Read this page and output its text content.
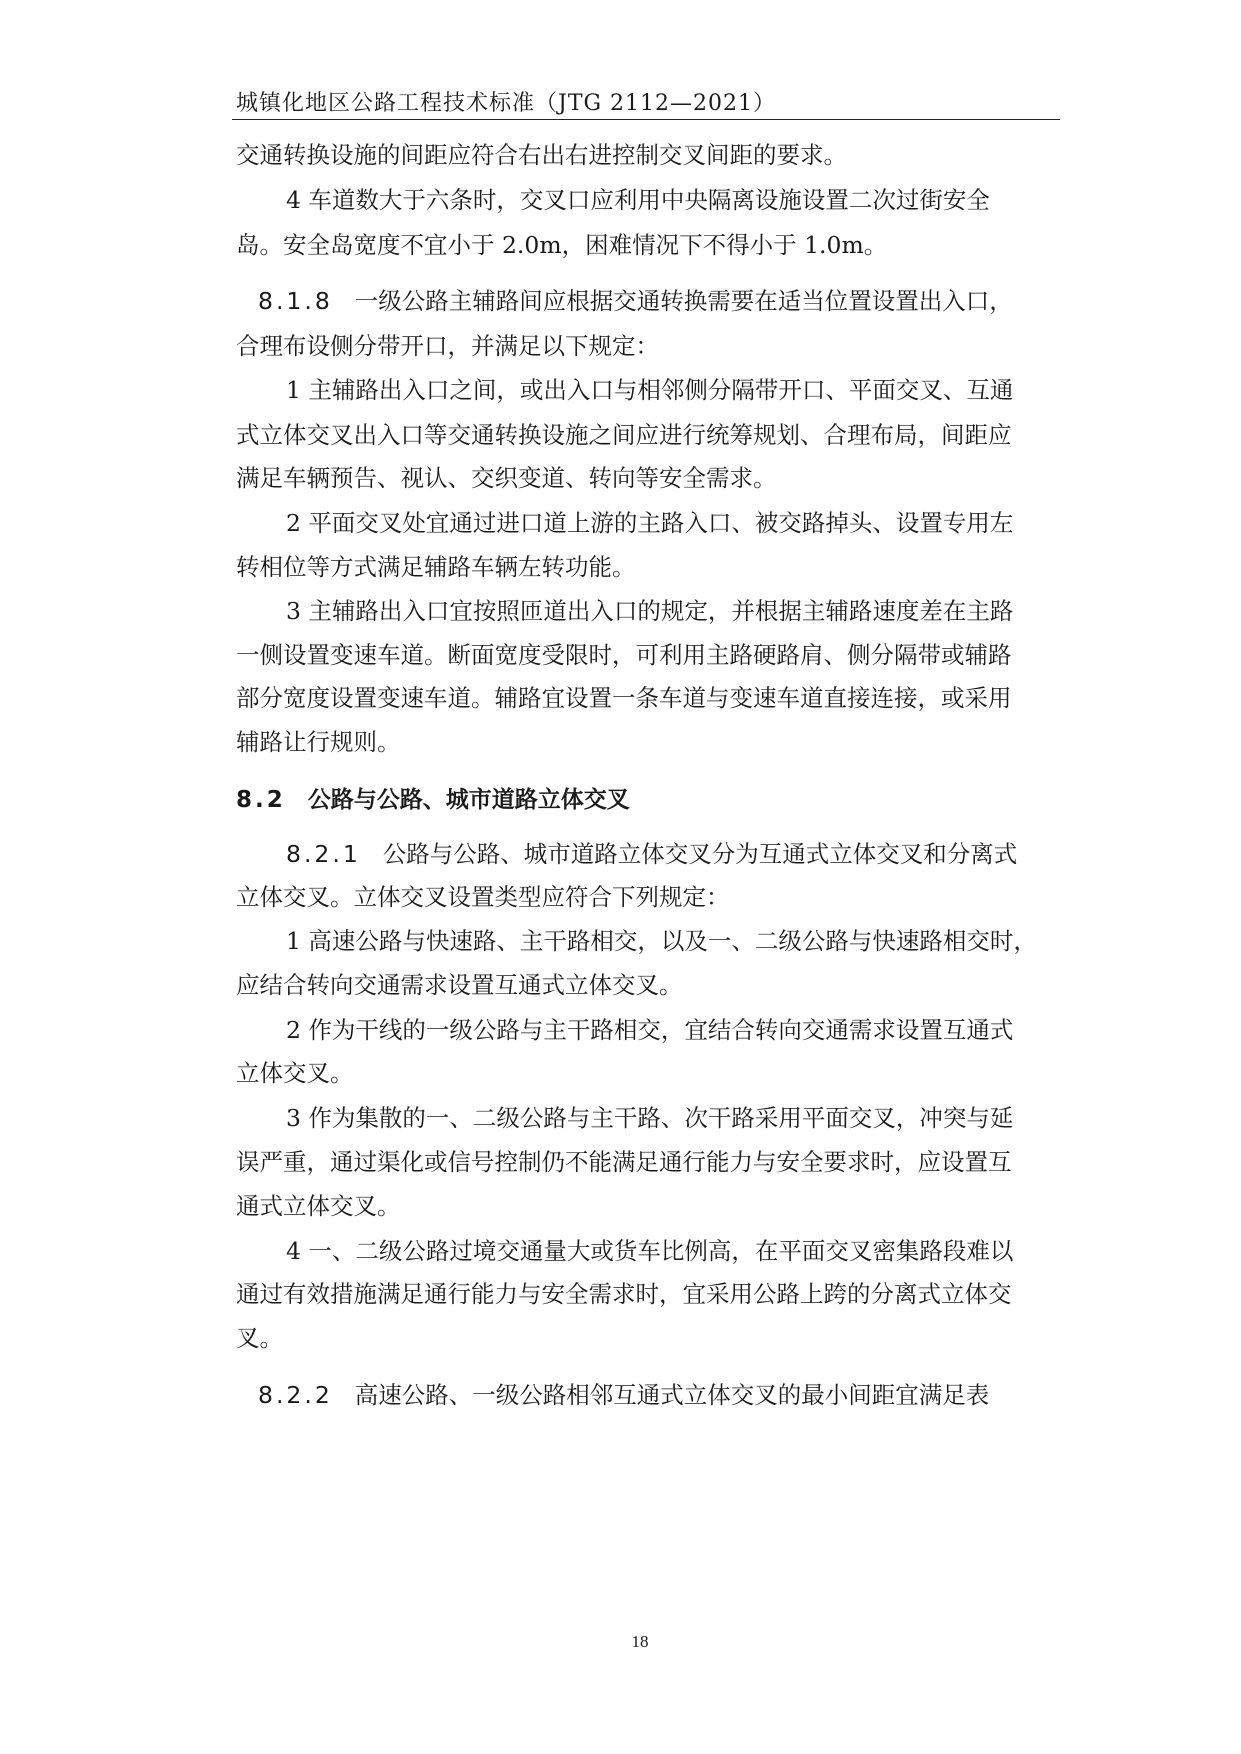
城镇化地区公路工程技术标准（JTG 2112—2021）
交通转换设施的间距应符合右出右进控制交叉间距的要求。
4 车道数大于六条时，交叉口应利用中央隔离设施设置二次过街安全
岛。安全岛宽度不宜小于 2.0m，困难情况下不得小于 1.0m。
8.1.8 一级公路主辅路间应根据交通转换需要在适当位置设置出入口，
合理布设侧分带开口，并满足以下规定：
1 主辅路出入口之间，或出入口与相邻侧分隔带开口、平面交叉、互通
式立体交叉出入口等交通转换设施之间应进行统筹规划、合理布局，间距应
满足车辆预告、视认、交织变道、转向等安全需求。
2 平面交叉处宜通过进口道上游的主路入口、被交路掉头、设置专用左
转相位等方式满足辅路车辆左转功能。
3 主辅路出入口宜按照匝道出入口的规定，并根据主辅路速度差在主路
一侧设置变速车道。断面宽度受限时，可利用主路硬路肩、侧分隔带或辅路
部分宽度设置变速车道。辅路宜设置一条车道与变速车道直接连接，或采用
辅路让行规则。
8.2 公路与公路、城市道路立体交叉
8.2.1 公路与公路、城市道路立体交叉分为互通式立体交叉和分离式
立体交叉。立体交叉设置类型应符合下列规定：
1 高速公路与快速路、主干路相交，以及一、二级公路与快速路相交时，
应结合转向交通需求设置互通式立体交叉。
2 作为干线的一级公路与主干路相交，宜结合转向交通需求设置互通式
立体交叉。
3 作为集散的一、二级公路与主干路、次干路采用平面交叉，冲突与延
误严重，通过渠化或信号控制仍不能满足通行能力与安全要求时，应设置互
通式立体交叉。
4 一、二级公路过境交通量大或货车比例高，在平面交叉密集路段难以
通过有效措施满足通行能力与安全需求时，宜采用公路上跨的分离式立体交
叉。
8.2.2 高速公路、一级公路相邻互通式立体交叉的最小间距宜满足表
18
